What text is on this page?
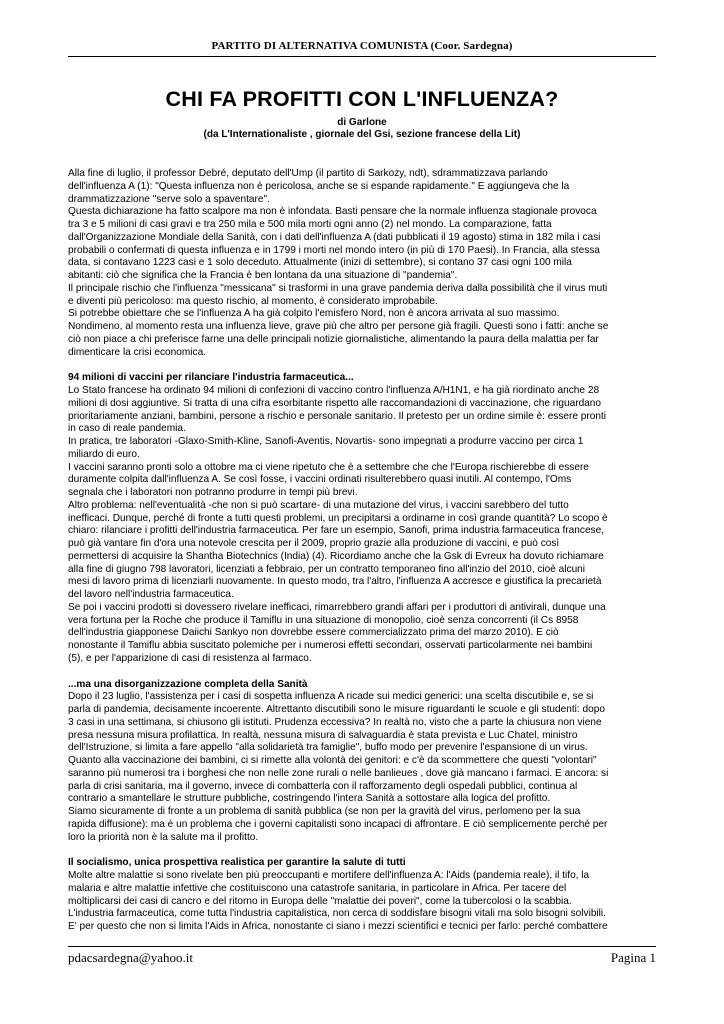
PARTITO DI ALTERNATIVA COMUNISTA (Coor. Sardegna)
CHI FA PROFITTI CON L'INFLUENZA?
di Garlone
(da L'Internationaliste , giornale del Gsi, sezione francese della Lit)

Alla fine di luglio, il professor Debré, deputato dell'Ump (il partito di Sarkozy, ndt), sdrammatizzava parlando

dell'influenza A (1): "Questa influenza non è pericolosa, anche se si espande rapidamente." E aggiungeva che la

drammatizzazione "serve solo a spaventare".

Questa dichiarazione ha fatto scalpore ma non è infondata. Basti pensare che la normale influenza stagionale provoca

tra 3 e 5 milioni di casi gravi e tra 250 mila e 500 mila morti ogni anno (2) nel mondo. La comparazione, fatta

dall'Organizzazione Mondiale della Sanità, con i dati dell'influenza A (dati pubblicati il 19 agosto) stima in 182 mila i casi

probabili o confermati di questa influenza e in 1799 i morti nel mondo intero (in più di 170 Paesi). In Francia, alla stessa

data, si contavano 1223 casi e 1 solo deceduto. Attualmente (inizi di settembre), si contano 37 casi ogni 100 mila

abitanti: ciò che significa che la Francia è ben lontana da una situazione di "pandemia".

Il principale rischio che l'influenza "messicana" si trasformi in una grave pandemia deriva dalla possibilità che il virus muti

e diventi più pericoloso: ma questo rischio, al momento, è considerato improbabile.

Si potrebbe obiettare che se l'influenza A ha già colpito l'emisfero Nord, non è ancora arrivata al suo massimo.

Nondimeno, al momento resta una influenza lieve, grave più che altro per persone già fragili. Questi sono i fatti: anche se

ciò non piace a chi preferisce farne una delle principali notizie giornalistiche, alimentando la paura della malattia per far

dimenticare la crisi economica.

94 milioni di vaccini per rilanciare l'industria farmaceutica...

Lo Stato francese ha ordinato 94 milioni di confezioni di vaccino contro l'influenza A/H1N1, e ha già riordinato anche 28

milioni di dosi aggiuntive. Si tratta di una cifra esorbitante rispetto alle raccomandazioni di vaccinazione, che riguardano

prioritariamente anziani, bambini, persone a rischio e personale sanitario. Il pretesto per un ordine simile è: essere pronti

in caso di reale pandemia.

In pratica, tre laboratori -Glaxo-Smith-Kline, Sanofi-Aventis, Novartis- sono impegnati a produrre vaccino per circa 1

miliardo di euro.

I vaccini saranno pronti solo a ottobre ma ci viene ripetuto che è a settembre che che l'Europa rischierebbe di essere

duramente colpita dall'influenza A. Se così fosse, i vaccini ordinati risulterebbero quasi inutili. Al contempo, l'Oms

segnala che i laboratori non potranno produrre in tempi più brevi.

Altro problema: nell'eventualità -che non si può scartare- di una mutazione del virus, i vaccini sarebbero del tutto

inefficaci. Dunque, perché di fronte a tutti questi problemi, un precipitarsi a ordinarne in così grande quantità? Lo scopo è

chiaro: rilanciare i profitti dell'industria farmaceutica. Per fare un esempio, Sanofi, prima industria farmaceutica francese,

può già vantare fin d'ora una notevole crescita per il 2009, proprio grazie alla produzione di vaccini, e può così

permettersi di acquisire la Shantha Biotechnics (India) (4). Ricordiamo anche che la Gsk di Evreux ha dovuto richiamare

alla fine di giugno 798 lavoratori, licenziati a febbraio, per un contratto temporaneo fino all'inzio del 2010, cioè alcuni

mesi di lavoro prima di licenziarli nuovamente. In questo modo, tra l'altro, l'influenza A accresce e giustifica la precarietà

del lavoro nell'industria farmaceutica.

Se poi i vaccini prodotti si dovessero rivelare inefficaci, rimarrebbero grandi affari per i produttori di antivirali, dunque una

vera fortuna per la Roche che produce il Tamiflu in una situazione di monopolio, cioè senza concorrenti (il Cs 8958

dell'industria giapponese Daiichi Sankyo non dovrebbe essere commercializzato prima del marzo 2010). E ciò

nonostante il Tamiflu abbia suscitato polemiche per i numerosi effetti secondari, osservati particolarmente nei bambini

(5), e per l'apparizione di casi di resistenza al farmaco.

...ma una disorganizzazione completa della Sanità

Dopo il 23 luglio, l'assistenza per i casi di sospetta influenza A ricade sui medici generici: una scelta discutibile e, se si

parla di pandemia, decisamente incoerente. Altrettanto discutibili sono le misure riguardanti le scuole e gli studenti: dopo

3 casi in una settimana, si chiusono gli istituti. Prudenza eccessiva? In realtà no, visto che a parte la chiusura non viene

presa nessuna misura profilattica. In realtà, nessuna misura di salvaguardia è stata prevista e Luc Chatel, ministro

dell'Istruzione, si limita a fare appello "alla solidarietà tra famiglie", buffo modo per prevenire l'espansione di un virus.

Quanto alla vaccinazione dei bambini, ci si rimette alla volontà dei genitori: e c'è da scommettere che questi "volontari"

saranno più numerosi tra i borghesi che non nelle zone rurali o nelle banlieues , dove già mancano i farmaci. E ancora: si

parla di crisi sanitaria, ma il governo, invece di combatterla con il rafforzamento degli ospedali pubblici, continua al

contrario a smantellare le strutture pubbliche, costringendo l'intera Sanità a sottostare alla logica del profitto.

Siamo sicuramente di fronte a un problema di sanità pubblica (se non per la gravità del virus, perlomeno per la sua

rapida diffusione): ma è un problema che i governi capitalisti sono incapaci di affrontare. E ciò semplicemente perché per

loro la priorità non è la salute ma il profitto.

Il socialismo, unica prospettiva realistica per garantire la salute di tutti

Molte altre malattie si sono rivelate ben più preoccupanti e mortifere dell'influenza A: l'Aids (pandemia reale), il tifo, la

malaria e altre malattie infettive che costituiscono una catastrofe sanitaria, in particolare in Africa. Per tacere del

moltiplicarsi dei casi di cancro e del ritorno in Europa delle "malattie dei poveri", come la tubercolosi o la scabbia.

L'industria farmaceutica, come tutta l'industria capitalistica, non cerca di soddisfare bisogni vitali ma solo bisogni solvibili.

E' per questo che non si limita l'Aids in Africa, nonostante ci siano i mezzi scientifici e tecnici per farlo: perché combattere

pdacsardegna@yahoo.it	Pagina 1
